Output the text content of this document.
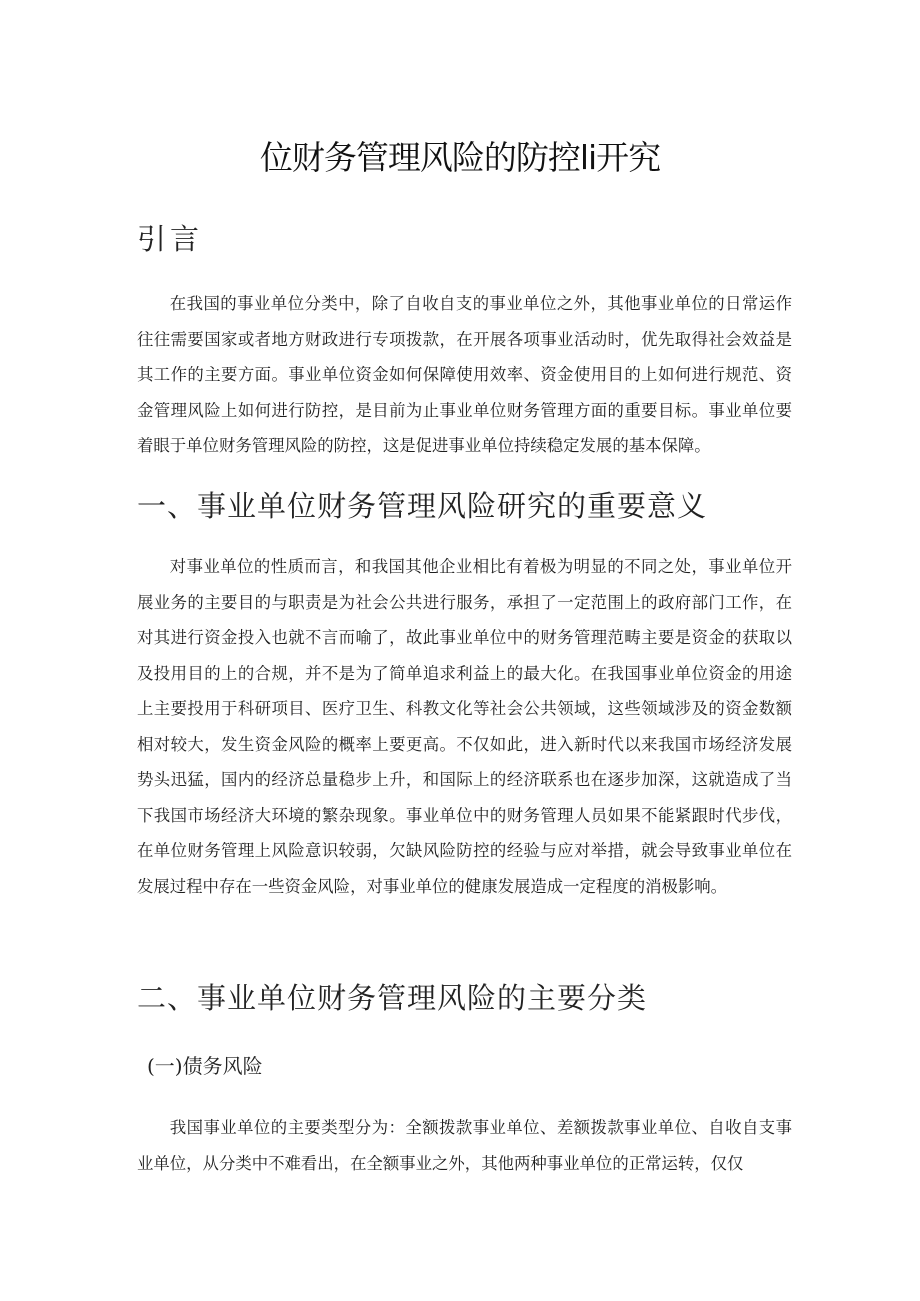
位财务管理风险的防控li开究
引言
在我国的事业单位分类中，除了自收自支的事业单位之外，其他事业单位的日常运作往往需要国家或者地方财政进行专项拨款，在开展各项事业活动时，优先取得社会效益是其工作的主要方面。事业单位资金如何保障使用效率、资金使用目的上如何进行规范、资金管理风险上如何进行防控，是目前为止事业单位财务管理方面的重要目标。事业单位要着眼于单位财务管理风险的防控，这是促进事业单位持续稳定发展的基本保障。
一、事业单位财务管理风险研究的重要意义
对事业单位的性质而言，和我国其他企业相比有着极为明显的不同之处，事业单位开展业务的主要目的与职责是为社会公共进行服务，承担了一定范围上的政府部门工作，在对其进行资金投入也就不言而喻了，故此事业单位中的财务管理范畴主要是资金的获取以及投用目的上的合规，并不是为了简单追求利益上的最大化。在我国事业单位资金的用途上主要投用于科研项目、医疗卫生、科教文化等社会公共领域，这些领域涉及的资金数额相对较大，发生资金风险的概率上要更高。不仅如此，进入新时代以来我国市场经济发展势头迅猛，国内的经济总量稳步上升，和国际上的经济联系也在逐步加深，这就造成了当下我国市场经济大环境的繁杂现象。事业单位中的财务管理人员如果不能紧跟时代步伐，在单位财务管理上风险意识较弱，欠缺风险防控的经验与应对举措，就会导致事业单位在发展过程中存在一些资金风险，对事业单位的健康发展造成一定程度的消极影响。
二、事业单位财务管理风险的主要分类
(一)债务风险
我国事业单位的主要类型分为：全额拨款事业单位、差额拨款事业单位、自收自支事业单位，从分类中不难看出，在全额事业之外，其他两种事业单位的正常运转，仅仅
